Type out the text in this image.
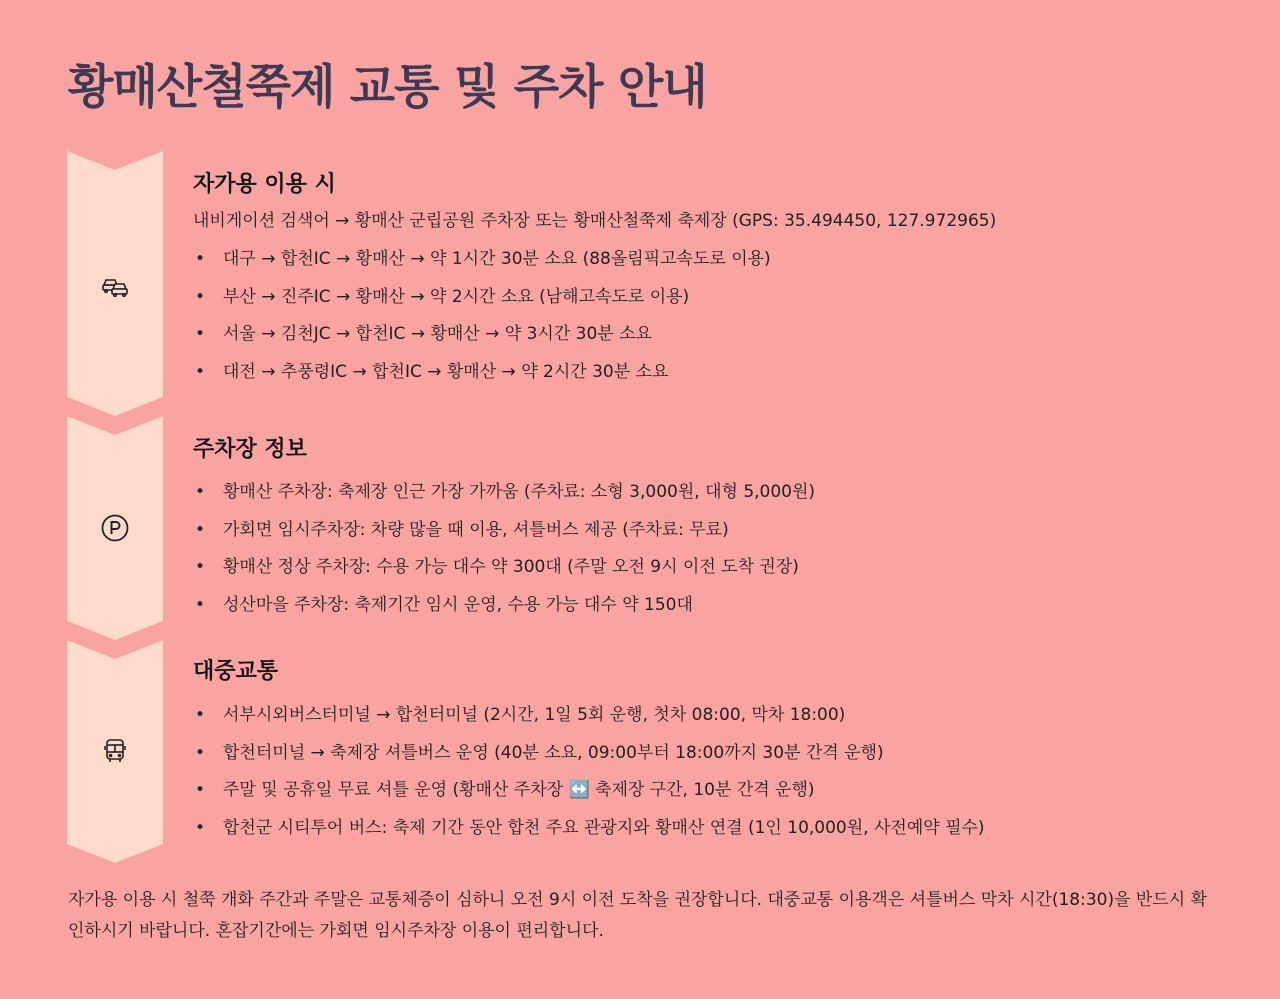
황매산철쭉제 교통 및 주차 안내
자가용 이용 시

내비게이션 검색어 → 황매산 군립공원 주차장 또는 황매산철쭉제 축제장 (GPS: 35.494450, 127.972965)

• 대구 → 합천IC → 황매산 → 약 1시간 30분 소요 (88올림픽고속도로 이용)
• 부산 → 진주IC → 황매산 → 약 2시간 소요 (남해고속도로 이용)
• 서울 → 김천JC → 합천IC → 황매산 → 약 3시간 30분 소요
• 대전 → 추풍령IC → 합천IC → 황매산 → 약 2시간 30분 소요
주차장 정보
• 황매산 주차장: 축제장 인근 가장 가까움 (주차료: 소형 3,000원, 대형 5,000원)
• 가회면 임시주차장: 차량 많을 때 이용, 셔틀버스 제공 (주차료: 무료)
• 황매산 정상 주차장: 수용 가능 대수 약 300대 (주말 오전 9시 이전 도착 권장)
• 성산마을 주차장: 축제기간 임시 운영, 수용 가능 대수 약 150대
대중교통
• 서부시외버스터미널 → 합천터미널 (2시간, 1일 5회 운행, 첫차 08:00, 막차 18:00)
• 합천터미널 → 축제장 셔틀버스 운영 (40분 소요, 09:00부터 18:00까지 30분 간격 운행)
• 주말 및 공휴일 무료 셔틀 운영 (황매산 주차장 ↔️ 축제장 구간, 10분 간격 운행)
• 합천군 시티투어 버스: 축제 기간 동안 합천 주요 관광지와 황매산 연결 (1인 10,000원, 사전예약 필수)

자가용 이용 시 철쭉 개화 주간과 주말은 교통체증이 심하니 오전 9시 이전 도착을 권장합니다. 대중교통 이용객은 셔틀버스 막차 시간(18:30)을 반드시 확인하시기 바랍니다. 혼잡기간에는 가회면 임시주차장 이용이 편리합니다.
